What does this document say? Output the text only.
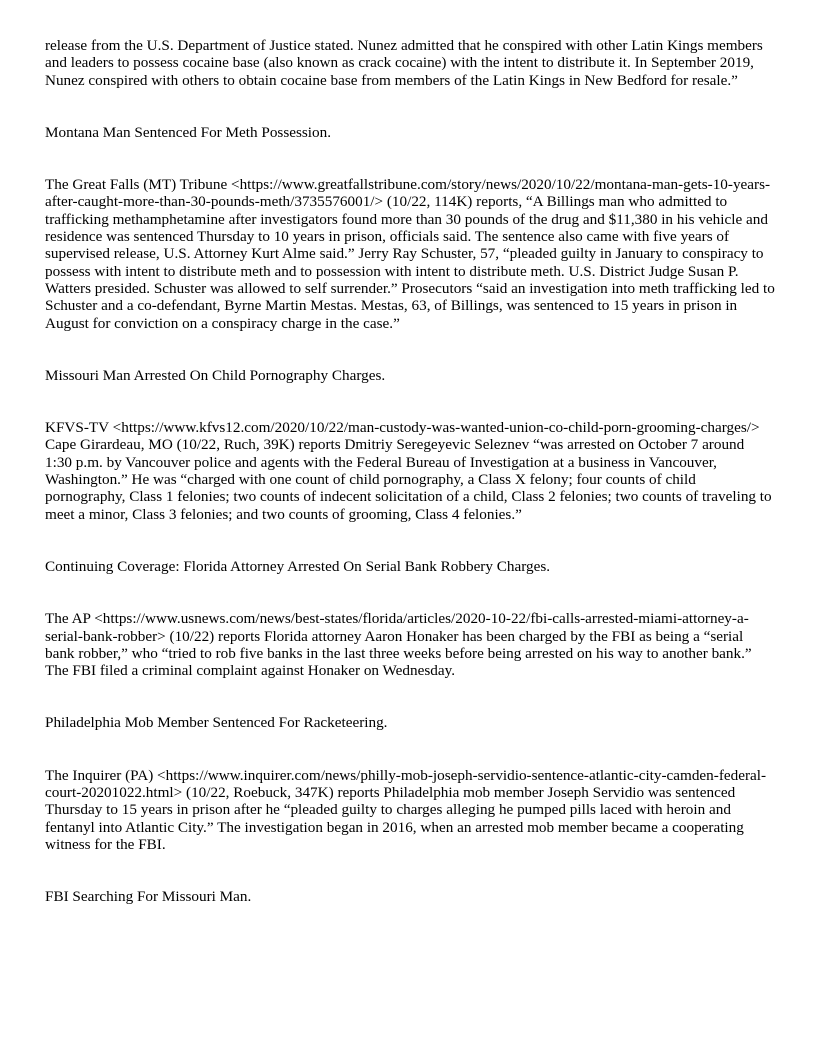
release from the U.S. Department of Justice stated. Nunez admitted that he conspired with other Latin Kings members and leaders to possess cocaine base (also known as crack cocaine) with the intent to distribute it. In September 2019, Nunez conspired with others to obtain cocaine base from members of the Latin Kings in New Bedford for resale.”

Montana Man Sentenced For Meth Possession.

The Great Falls (MT) Tribune <https://www.greatfallstribune.com/story/news/2020/10/22/montana-man-gets-10-years-after-caught-more-than-30-pounds-meth/3735576001/> (10/22, 114K) reports, “A Billings man who admitted to trafficking methamphetamine after investigators found more than 30 pounds of the drug and $11,380 in his vehicle and residence was sentenced Thursday to 10 years in prison, officials said. The sentence also came with five years of supervised release, U.S. Attorney Kurt Alme said.” Jerry Ray Schuster, 57, “pleaded guilty in January to conspiracy to possess with intent to distribute meth and to possession with intent to distribute meth. U.S. District Judge Susan P. Watters presided. Schuster was allowed to self surrender.” Prosecutors “said an investigation into meth trafficking led to Schuster and a co-defendant, Byrne Martin Mestas. Mestas, 63, of Billings, was sentenced to 15 years in prison in August for conviction on a conspiracy charge in the case.”

Missouri Man Arrested On Child Pornography Charges.

KFVS-TV <https://www.kfvs12.com/2020/10/22/man-custody-was-wanted-union-co-child-porn-grooming-charges/> Cape Girardeau, MO (10/22, Ruch, 39K) reports Dmitriy Seregeyevic Seleznev “was arrested on October 7 around 1:30 p.m. by Vancouver police and agents with the Federal Bureau of Investigation at a business in Vancouver, Washington.” He was “charged with one count of child pornography, a Class X felony; four counts of child pornography, Class 1 felonies; two counts of indecent solicitation of a child, Class 2 felonies; two counts of traveling to meet a minor, Class 3 felonies; and two counts of grooming, Class 4 felonies.”

Continuing Coverage: Florida Attorney Arrested On Serial Bank Robbery Charges.

The AP <https://www.usnews.com/news/best-states/florida/articles/2020-10-22/fbi-calls-arrested-miami-attorney-a-serial-bank-robber> (10/22) reports Florida attorney Aaron Honaker has been charged by the FBI as being a “serial bank robber,” who “tried to rob five banks in the last three weeks before being arrested on his way to another bank.” The FBI filed a criminal complaint against Honaker on Wednesday.

Philadelphia Mob Member Sentenced For Racketeering.

The Inquirer (PA) <https://www.inquirer.com/news/philly-mob-joseph-servidio-sentence-atlantic-city-camden-federal-court-20201022.html> (10/22, Roebuck, 347K) reports Philadelphia mob member Joseph Servidio was sentenced Thursday to 15 years in prison after he “pleaded guilty to charges alleging he pumped pills laced with heroin and fentanyl into Atlantic City.” The investigation began in 2016, when an arrested mob member became a cooperating witness for the FBI.

FBI Searching For Missouri Man.
